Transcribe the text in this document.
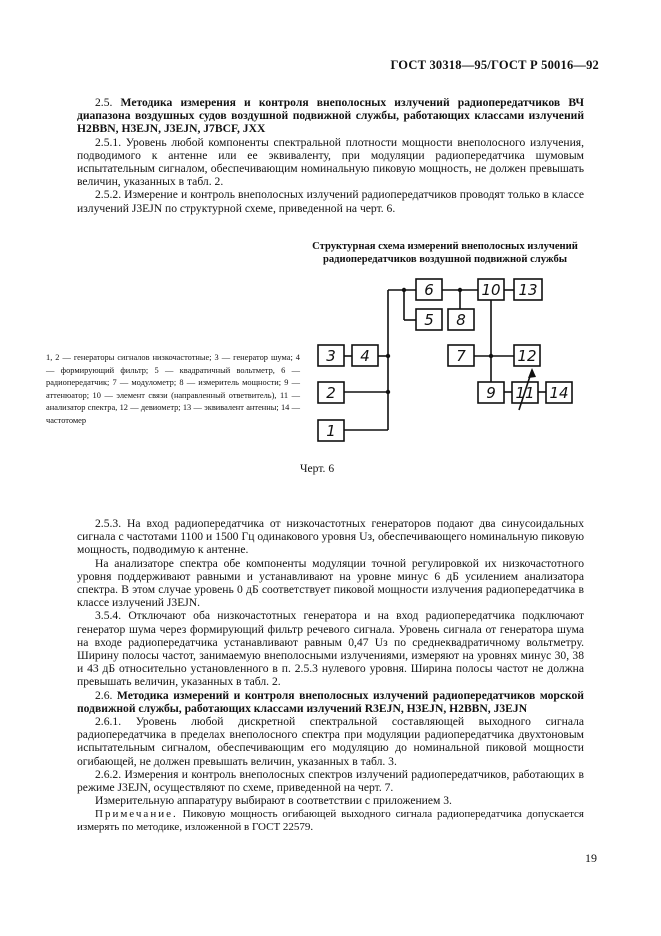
ГОСТ 30318—95/ГОСТ Р 50016—92

2.5. Методика измерения и контроля внеполосных излучений радиопередатчиков ВЧ диапазона воздушных судов воздушной подвижной службы, работающих классами излучений H2BBN, H3EJN, J3EJN, J7BCF, JXX

2.5.1. Уровень любой компоненты спектральной плотности мощности внеполосного излучения, подводимого к антенне или ее эквиваленту, при модуляции радиопередатчика шумовым испытательным сигналом, обеспечивающим номинальную пиковую мощность, не должен превышать величин, указанных в табл. 2.

2.5.2. Измерение и контроль внеполосных излучений радиопередатчиков проводят только в классе излучений J3EJN по структурной схеме, приведенной на черт. 6.

Структурная схема измерений внеполосных излучений
радиопередатчиков воздушной подвижной службы
1, 2 — генераторы сигналов низкочастотные; 3 — генератор шума; 4 — формирующий фильтр; 5 — квадратичный вольтметр, 6 — радиопередатчик; 7 — модулометр; 8 — измеритель мощности; 9 — аттенюатор; 10 — элемент связи (направленный ответвитель), 11 — анализатор спектра, 12 — девиометр; 13 — эквивалент антенны; 14 — частотомер
3 4
2
1
6
5 8
10 13
7	12
9 11 14
Черт. 6

2.5.3. На вход радиопередатчика от низкочастотных генераторов подают два синусоидальных сигнала с частотами 1100 и 1500 Гц одинакового уровня Uз, обеспечивающего номинальную пиковую мощность, подводимую к антенне.

На анализаторе спектра обе компоненты модуляции точной регулировкой их низкочастотного уровня поддерживают равными и устанавливают на уровне минус 6 дБ усилением анализатора спектра. В этом случае уровень 0 дБ соответствует пиковой мощности излучения радиопередатчика в классе излучений J3EJN.

3.5.4. Отключают оба низкочастотных генератора и на вход радиопередатчика подключают генератор шума через формирующий фильтр речевого сигнала. Уровень сигнала от генератора шума на входе радиопередатчика устанавливают равным 0,47 Uз по среднеквадратичному вольтметру. Ширину полосы частот, занимаемую внеполосными излучениями, измеряют на уровнях минус 30, 38 и 43 дБ относительно установленного в п. 2.5.3 нулевого уровня. Ширина полосы частот не должна превышать величин, указанных в табл. 2.

2.6. Методика измерений и контроля внеполосных излучений радиопередатчиков морской подвижной службы, работающих классами излучений R3EJN, H3EJN, H2BBN, J3EJN

2.6.1. Уровень любой дискретной спектральной составляющей выходного сигнала радиопередатчика в пределах внеполосного спектра при модуляции радиопередатчика двухтоновым испытательным сигналом, обеспечивающим его модуляцию до номинальной пиковой мощности огибающей, не должен превышать величин, указанных в табл. 3.

2.6.2. Измерения и контроль внеполосных спектров излучений радиопередатчиков, работающих в режиме J3EJN, осуществляют по схеме, приведенной на черт. 7.

Измерительную аппаратуру выбирают в соответствии с приложением 3.

Примечание. Пиковую мощность огибающей выходного сигнала радиопередатчика допускается измерять по методике, изложенной в ГОСТ 22579.
19
